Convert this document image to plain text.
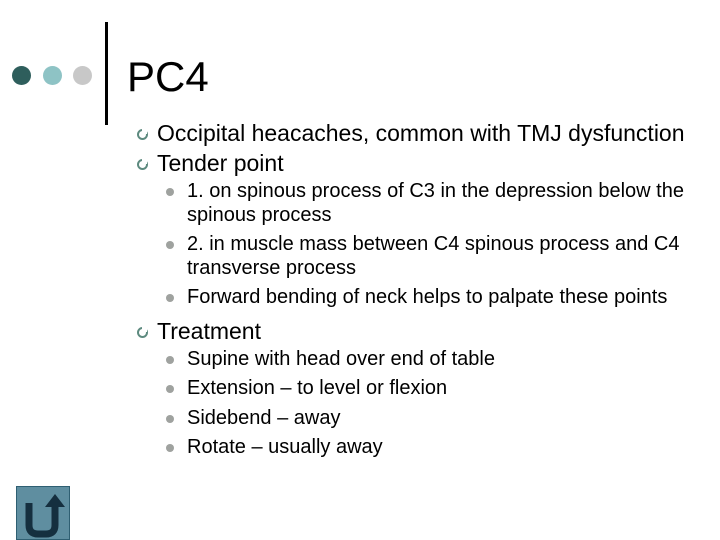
PC4
Occipital heacaches, common with TMJ dysfunction
Tender point
1. on spinous process of C3 in the depression below the spinous process
2. in muscle mass between C4 spinous process and C4 transverse process
Forward bending of neck helps to palpate these points
Treatment
Supine with head over end of table
Extension – to level or flexion
Sidebend – away
Rotate – usually away
